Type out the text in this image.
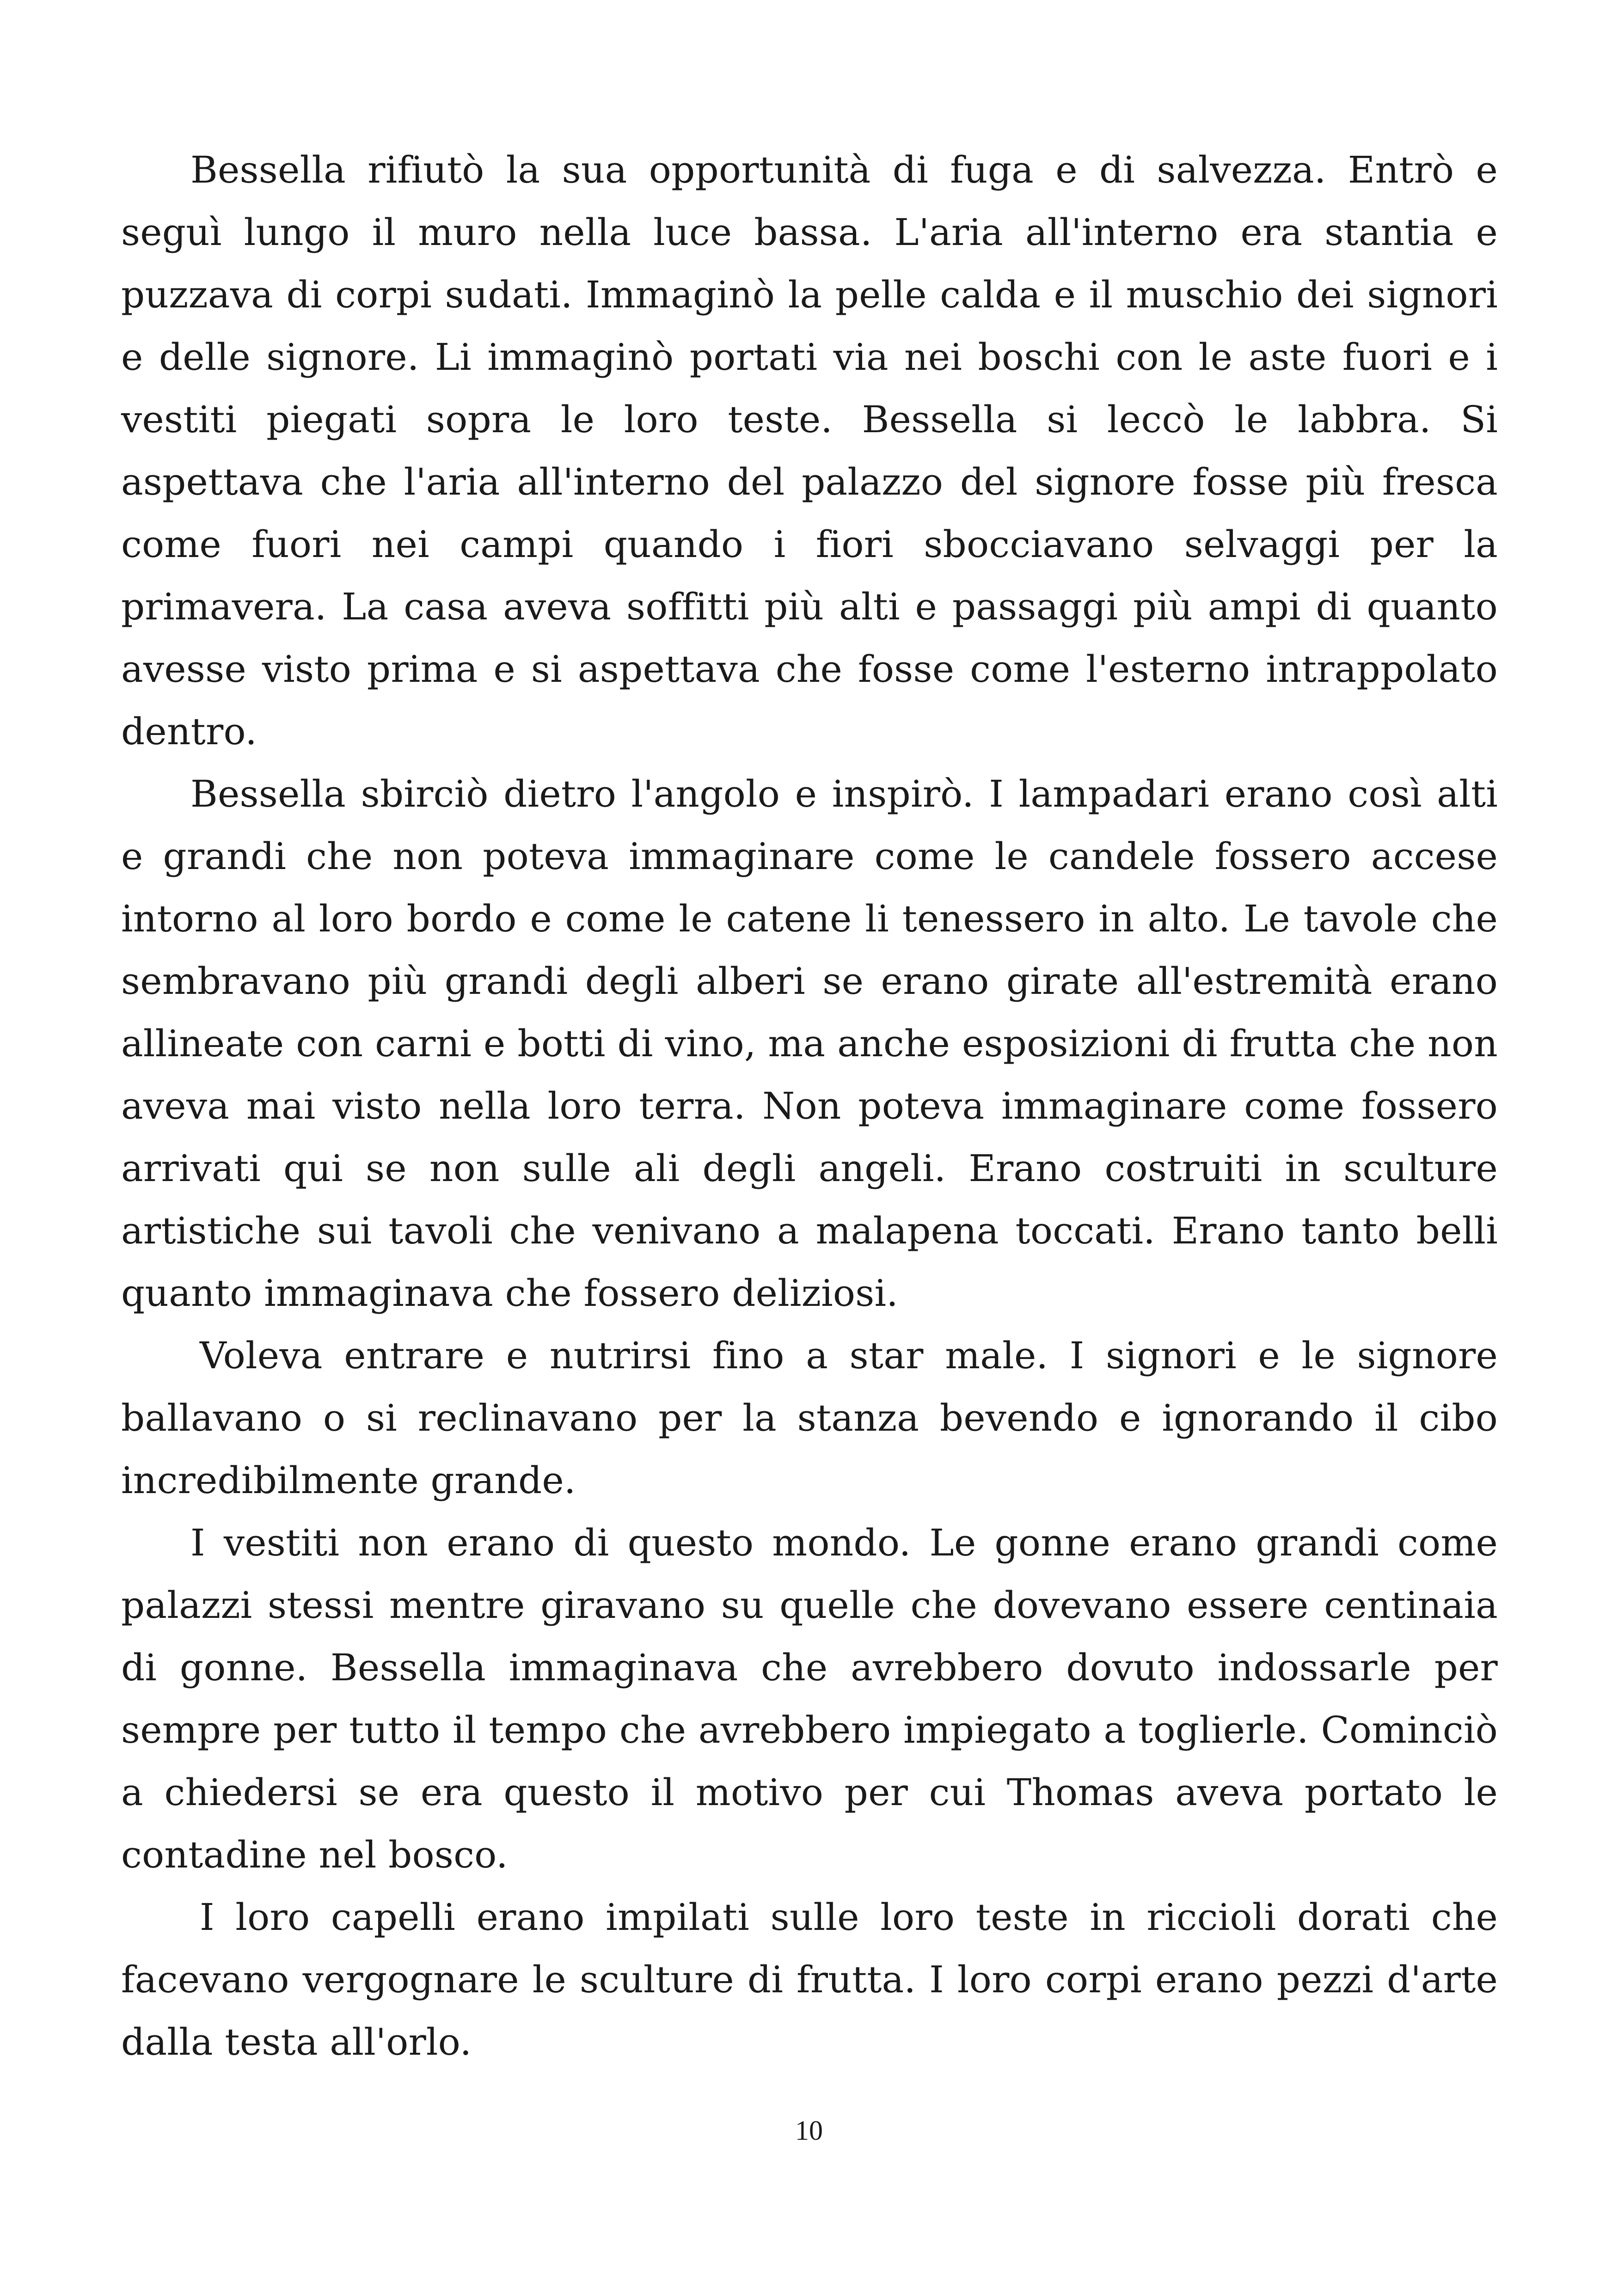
Bessella rifiutò la sua opportunità di fuga e di salvezza. Entrò e seguì lungo il muro nella luce bassa. L'aria all'interno era stantia e puzzava di corpi sudati. Immaginò la pelle calda e il muschio dei signori e delle signore. Li immaginò portati via nei boschi con le aste fuori e i vestiti piegati sopra le loro teste. Bessella si leccò le labbra. Si aspettava che l'aria all'interno del palazzo del signore fosse più fresca come fuori nei campi quando i fiori sbocciavano selvaggi per la primavera. La casa aveva soffitti più alti e passaggi più ampi di quanto avesse visto prima e si aspettava che fosse come l'esterno intrappolato dentro.

Bessella sbirciò dietro l'angolo e inspirò. I lampadari erano così alti e grandi che non poteva immaginare come le candele fossero accese intorno al loro bordo e come le catene li tenessero in alto. Le tavole che sembravano più grandi degli alberi se erano girate all'estremità erano allineate con carni e botti di vino, ma anche esposizioni di frutta che non aveva mai visto nella loro terra. Non poteva immaginare come fossero arrivati qui se non sulle ali degli angeli. Erano costruiti in sculture artistiche sui tavoli che venivano a malapena toccati. Erano tanto belli quanto immaginava che fossero deliziosi.

Voleva entrare e nutrirsi fino a star male. I signori e le signore ballavano o si reclinavano per la stanza bevendo e ignorando il cibo incredibilmente grande.

I vestiti non erano di questo mondo. Le gonne erano grandi come palazzi stessi mentre giravano su quelle che dovevano essere centinaia di gonne. Bessella immaginava che avrebbero dovuto indossarle per sempre per tutto il tempo che avrebbero impiegato a toglierle. Cominciò a chiedersi se era questo il motivo per cui Thomas aveva portato le contadine nel bosco.

I loro capelli erano impilati sulle loro teste in riccioli dorati che facevano vergognare le sculture di frutta. I loro corpi erano pezzi d'arte dalla testa all'orlo.

10
